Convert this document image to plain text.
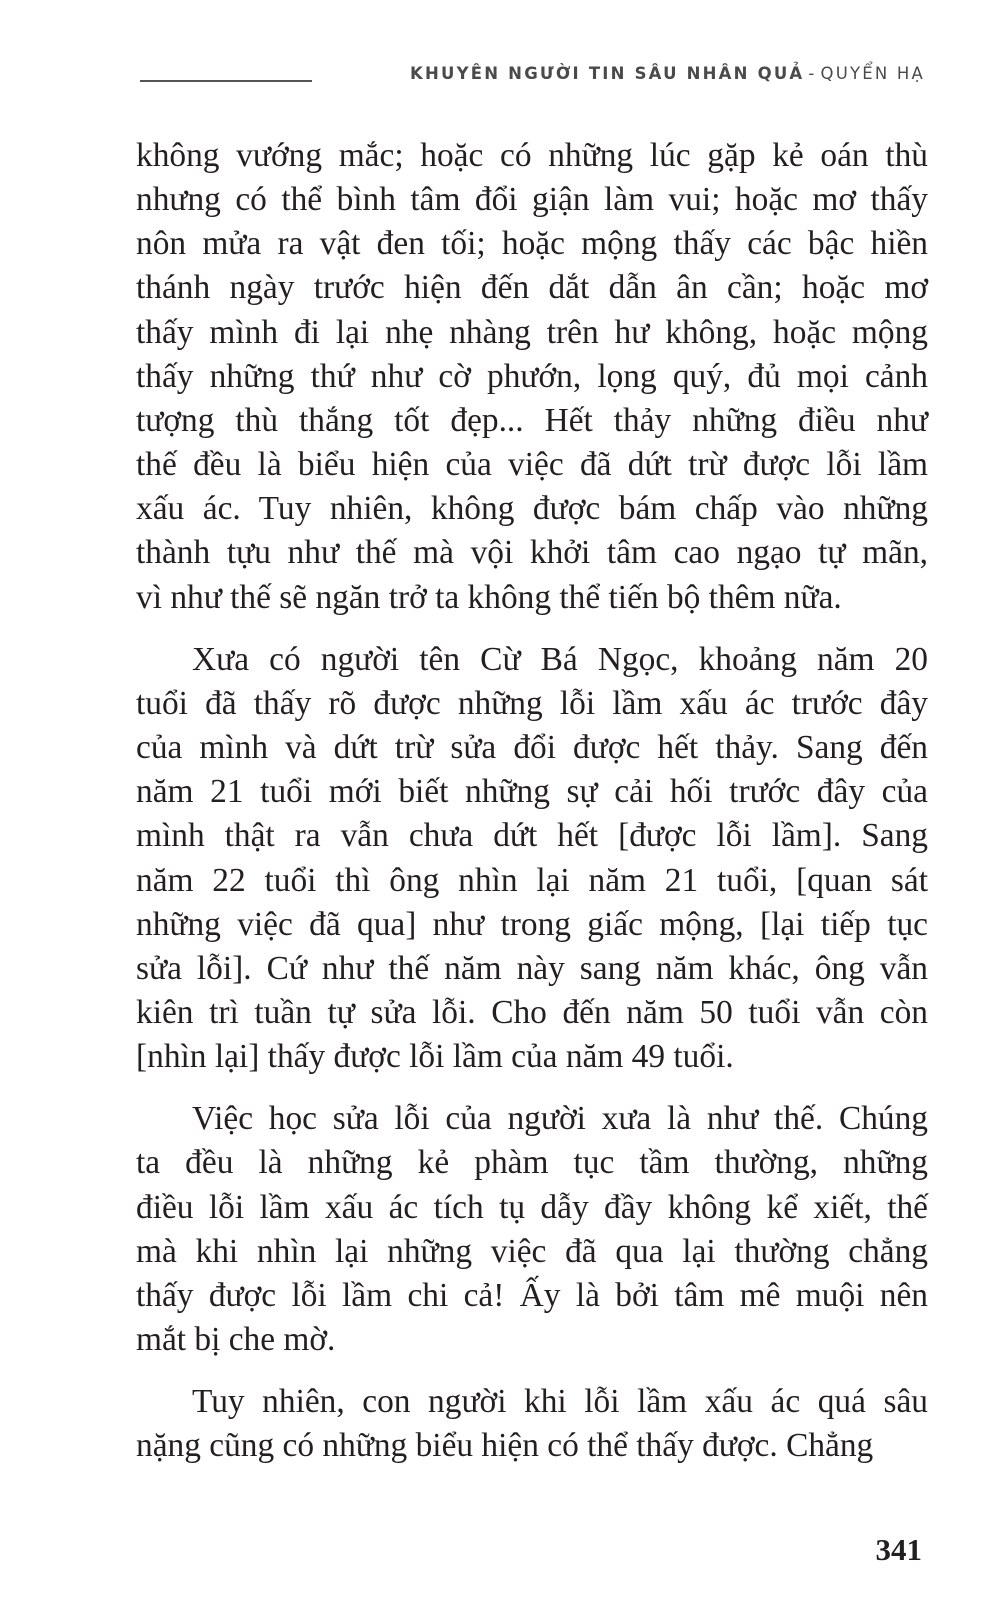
KHUYÊN NGƯỜI TIN SÂU NHÂN QUẢ - QUYỂN HẠ
không vướng mắc; hoặc có những lúc gặp kẻ oán thù
nhưng có thể bình tâm đổi giận làm vui; hoặc mơ thấy
nôn mửa ra vật đen tối; hoặc mộng thấy các bậc hiền
thánh ngày trước hiện đến dắt dẫn ân cần; hoặc mơ
thấy mình đi lại nhẹ nhàng trên hư không, hoặc mộng
thấy những thứ như cờ phướn, lọng quý, đủ mọi cảnh
tượng thù thắng tốt đẹp... Hết thảy những điều như
thế đều là biểu hiện của việc đã dứt trừ được lỗi lầm
xấu ác. Tuy nhiên, không được bám chấp vào những
thành tựu như thế mà vội khởi tâm cao ngạo tự mãn,
vì như thế sẽ ngăn trở ta không thể tiến bộ thêm nữa.
Xưa có người tên Cừ Bá Ngọc, khoảng năm 20
tuổi đã thấy rõ được những lỗi lầm xấu ác trước đây
của mình và dứt trừ sửa đổi được hết thảy. Sang đến
năm 21 tuổi mới biết những sự cải hối trước đây của
mình thật ra vẫn chưa dứt hết [được lỗi lầm]. Sang
năm 22 tuổi thì ông nhìn lại năm 21 tuổi, [quan sát
những việc đã qua] như trong giấc mộng, [lại tiếp tục
sửa lỗi]. Cứ như thế năm này sang năm khác, ông vẫn
kiên trì tuần tự sửa lỗi. Cho đến năm 50 tuổi vẫn còn
[nhìn lại] thấy được lỗi lầm của năm 49 tuổi.
Việc học sửa lỗi của người xưa là như thế. Chúng
ta đều là những kẻ phàm tục tầm thường, những
điều lỗi lầm xấu ác tích tụ dẫy đầy không kể xiết, thế
mà khi nhìn lại những việc đã qua lại thường chẳng
thấy được lỗi lầm chi cả! Ấy là bởi tâm mê muội nên
mắt bị che mờ.
Tuy nhiên, con người khi lỗi lầm xấu ác quá sâu
nặng cũng có những biểu hiện có thể thấy được. Chẳng
341
